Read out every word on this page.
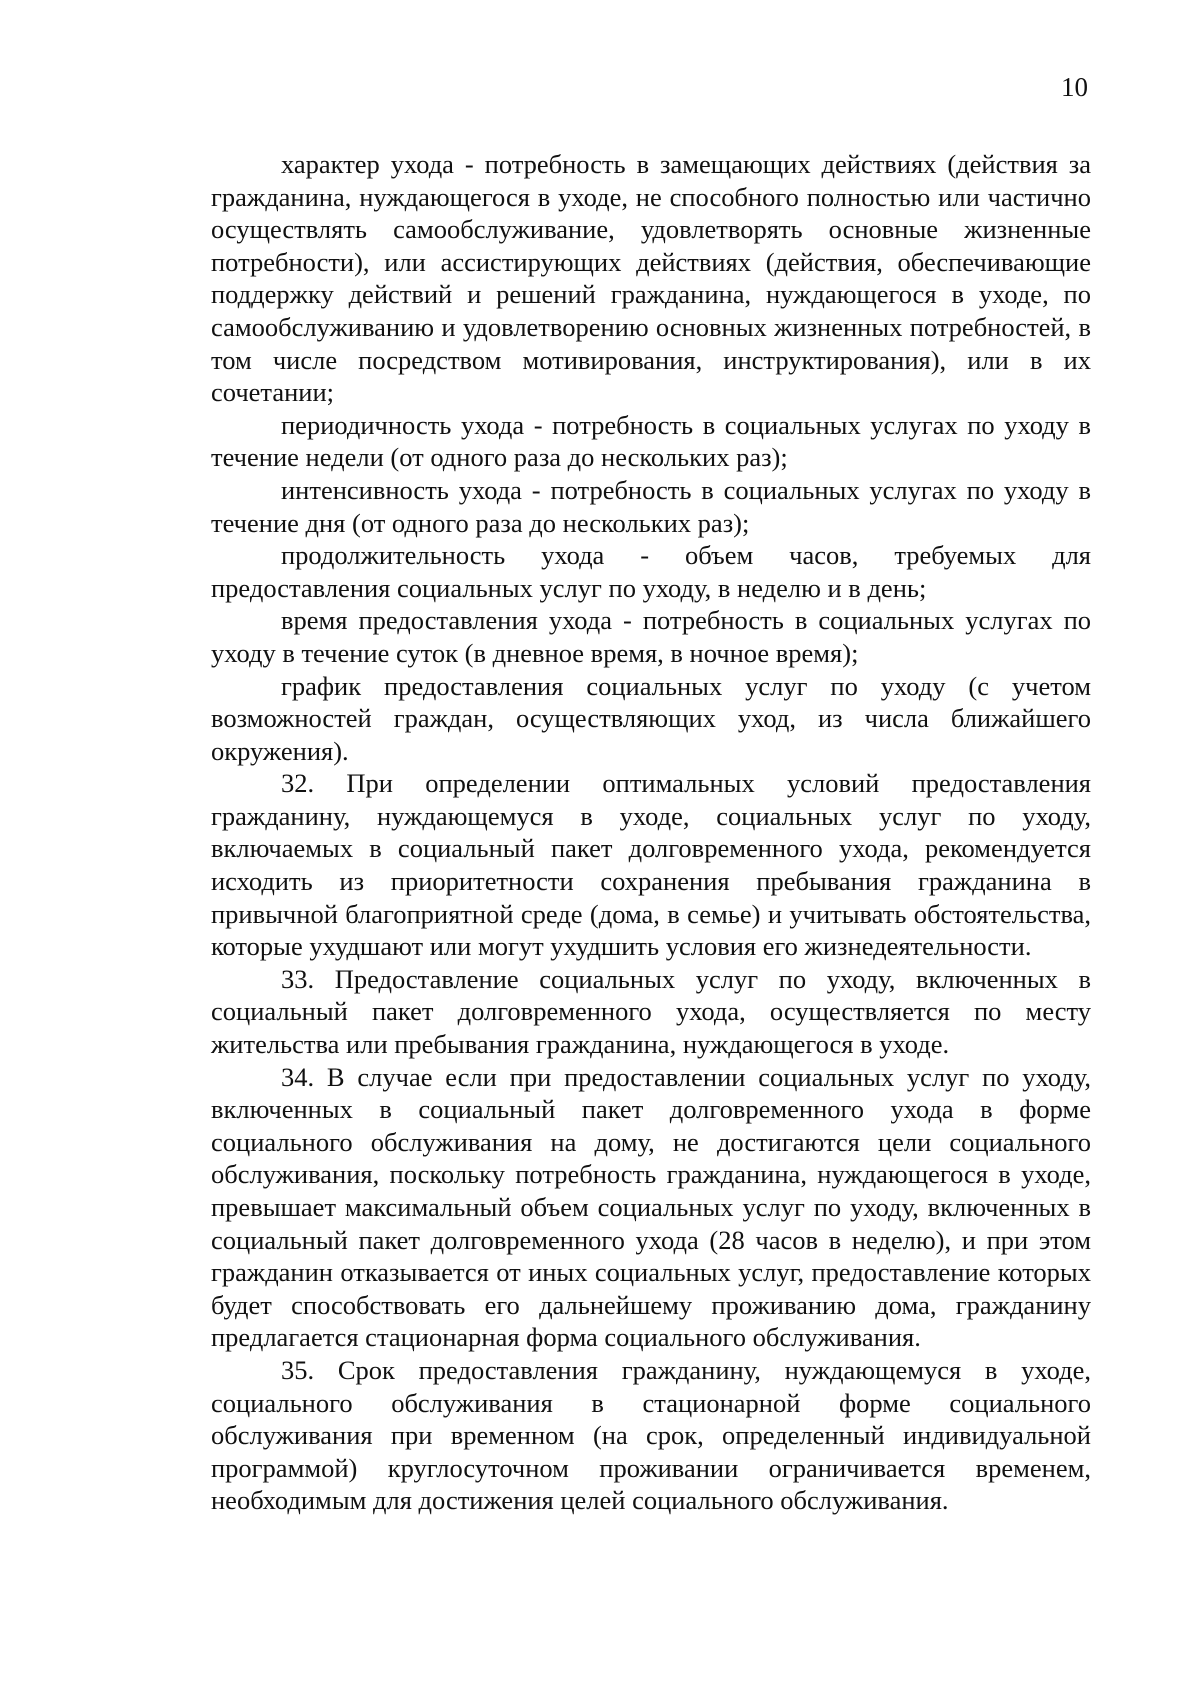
10

характер ухода - потребность в замещающих действиях (действия за гражданина, нуждающегося в уходе, не способного полностью или частично осуществлять самообслуживание, удовлетворять основные жизненные потребности), или ассистирующих действиях (действия, обеспечивающие поддержку действий и решений гражданина, нуждающегося в уходе, по самообслуживанию и удовлетворению основных жизненных потребностей, в том числе посредством мотивирования, инструктирования), или в их сочетании;

периодичность ухода - потребность в социальных услугах по уходу в течение недели (от одного раза до нескольких раз);

интенсивность ухода - потребность в социальных услугах по уходу в течение дня (от одного раза до нескольких раз);

продолжительность ухода - объем часов, требуемых для предоставления социальных услуг по уходу, в неделю и в день;

время предоставления ухода - потребность в социальных услугах по уходу в течение суток (в дневное время, в ночное время);

график предоставления социальных услуг по уходу (с учетом возможностей граждан, осуществляющих уход, из числа ближайшего окружения).

32. При определении оптимальных условий предоставления гражданину, нуждающемуся в уходе, социальных услуг по уходу, включаемых в социальный пакет долговременного ухода, рекомендуется исходить из приоритетности сохранения пребывания гражданина в привычной благоприятной среде (дома, в семье) и учитывать обстоятельства, которые ухудшают или могут ухудшить условия его жизнедеятельности.

33. Предоставление социальных услуг по уходу, включенных в социальный пакет долговременного ухода, осуществляется по месту жительства или пребывания гражданина, нуждающегося в уходе.

34. В случае если при предоставлении социальных услуг по уходу, включенных в социальный пакет долговременного ухода в форме социального обслуживания на дому, не достигаются цели социального обслуживания, поскольку потребность гражданина, нуждающегося в уходе, превышает максимальный объем социальных услуг по уходу, включенных в социальный пакет долговременного ухода (28 часов в неделю), и при этом гражданин отказывается от иных социальных услуг, предоставление которых будет способствовать его дальнейшему проживанию дома, гражданину предлагается стационарная форма социального обслуживания.

35. Срок предоставления гражданину, нуждающемуся в уходе, социального обслуживания в стационарной форме социального обслуживания при временном (на срок, определенный индивидуальной программой) круглосуточном проживании ограничивается временем, необходимым для достижения целей социального обслуживания.
